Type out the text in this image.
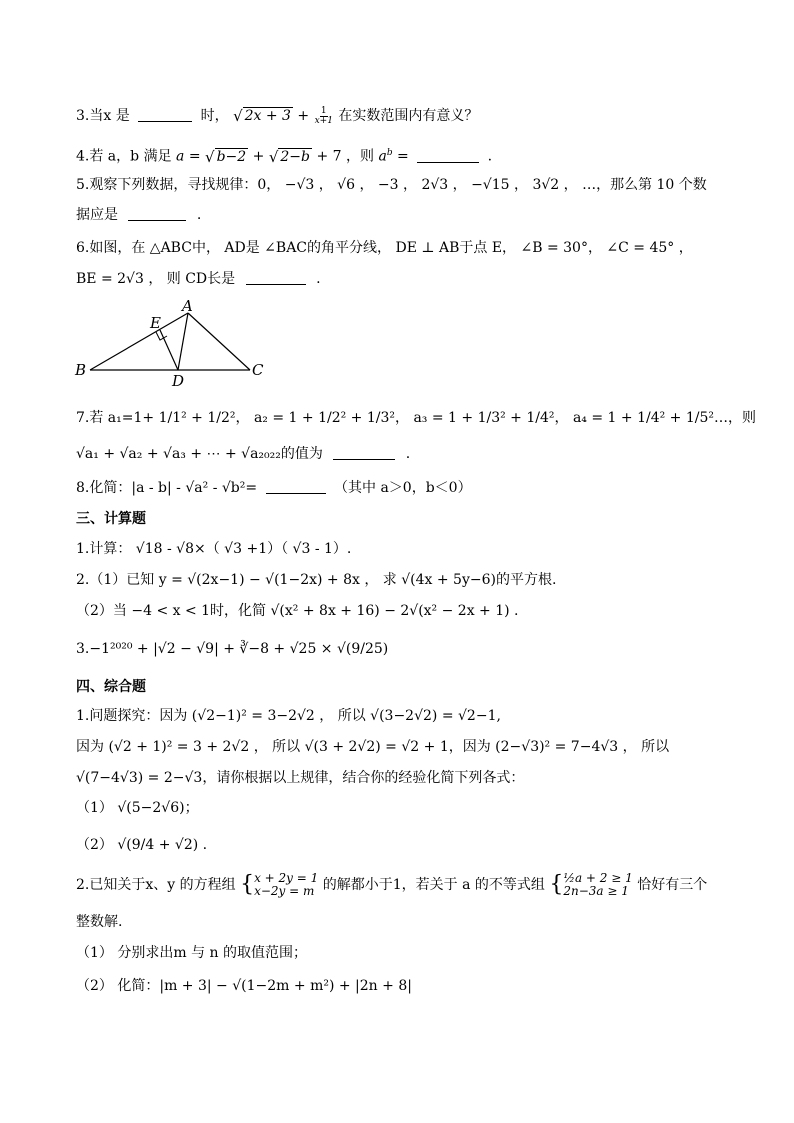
3.当x 是	时， √ $2x + 3 + \frac{1}{x+1}$ 在实数范围内有意义？
4.若 a，b 满足 a = √ b−2 + √ 2−b + 7 ，则 $a^b$ =	.
5.观察下列数据，寻找规律：0， −√3 ， √6 ， −3 ， 2√3 ， −√15 ， 3√2 ， …，那么第 10 个数
据应是	.
6.如图，在 △ABC中， AD是 ∠BAC的角平分线， DE ⊥ AB于点 E， ∠B = 30°， ∠C = 45° ，
BE = 2√3 ， 则 CD长是	.
A
B	C
D
E
7.若 a₁=1+ 1/1² + 1/2²， a₂ = 1 + 1/2² + 1/3²， a₃ = 1 + 1/3² + 1/4²， a₄ = 1 + 1/4² + 1/5²…，则
√a₁ + √a₂ + √a₃ + ⋯ + √a₂₀₂₂的值为	.
8.化简：|a - b| - √a² - √b²=	（其中 a＞0，b＜0）
三、计算题
1.计算： √18 - √8×（ √3 +1）（ √3 - 1）.
2.（1）已知 y = √(2x−1) − √(1−2x) + 8x ， 求 √(4x + 5y−6)的平方根.
（2）当 −4 < x < 1时，化简 √(x² + 8x + 16) − 2√(x² − 2x + 1) .
3.−1²⁰²⁰ + |√2 − √9| + ∛−8 + √25 × √(9/25)
四、综合题
1.问题探究：因为 (√2−1)² = 3−2√2 ， 所以 √(3−2√2) = √2−1,
因为 (√2 + 1)² = 3 + 2√2 ， 所以 √(3 + 2√2) = √2 + 1，因为 (2−√3)² = 7−4√3 ， 所以
√(7−4√3) = 2−√3，请你根据以上规律，结合你的经验化简下列各式：
（1） √(5−2√6)；
（2） √(9/4 + √2) .
2.已知关于x、y 的方程组 { x + 2y = 1
x−2y = m 的解都小于1，若关于 a 的不等式组 { ½a + 2 ≥ 1
2n−3a ≥ 1 恰好有三个
整数解.
（1） 分别求出m 与 n 的取值范围；
（2） 化简：|m + 3| − √(1−2m + m²) + |2n + 8|
